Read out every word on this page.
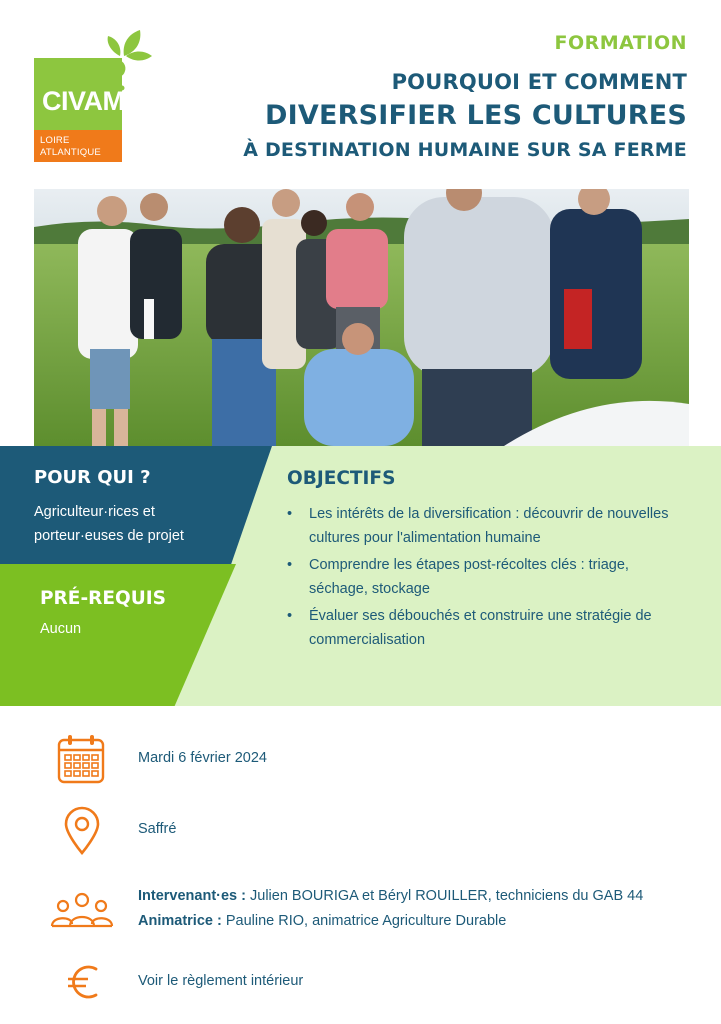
CIVAM
LOIRE
ATLANTIQUE
FORMATION
POURQUOI ET COMMENT
DIVERSIFIER LES CULTURES
À DESTINATION HUMAINE SUR SA FERME
POUR QUI ?
Agriculteur·rices et porteur·euses de projet
PRÉ-REQUIS
Aucun
OBJECTIFS
• Les intérêts de la diversification : découvrir de nouvelles cultures pour l'alimentation humaine
• Comprendre les étapes post-récoltes clés : triage, séchage, stockage
• Évaluer ses débouchés et construire une stratégie de commercialisation
Mardi 6 février 2024
Saffré
Intervenant·es : Julien BOURIGA et Béryl ROUILLER, techniciens du GAB 44
Animatrice : Pauline RIO, animatrice Agriculture Durable
Voir le règlement intérieur
